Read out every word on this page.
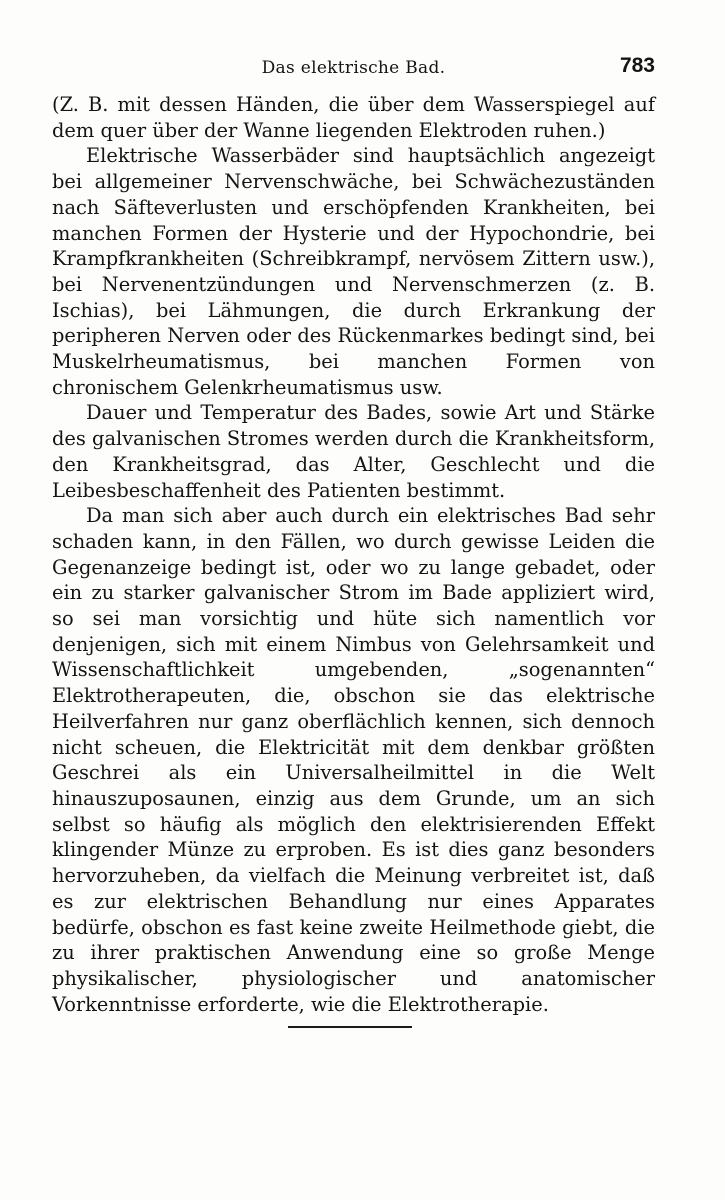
Das elektrische Bad.	783

(Z. B. mit dessen Händen, die über dem Wasserspiegel auf dem quer über der Wanne liegenden Elektroden ruhen.)

Elektrische Wasserbäder sind hauptsächlich angezeigt bei allgemeiner Nervenschwäche, bei Schwächezuständen nach Säfteverlusten und erschöpfenden Krankheiten, bei manchen Formen der Hysterie und der Hypochondrie, bei Krampfkrankheiten (Schreibkrampf, nervösem Zittern usw.), bei Nervenentzündungen und Nervenschmerzen (z. B. Ischias), bei Lähmungen, die durch Erkrankung der peripheren Nerven oder des Rückenmarkes bedingt sind, bei Muskelrheumatismus, bei manchen Formen von chronischem Gelenkrheumatismus usw.

Dauer und Temperatur des Bades, sowie Art und Stärke des galvanischen Stromes werden durch die Krankheitsform, den Krankheitsgrad, das Alter, Geschlecht und die Leibesbeschaffenheit des Patienten bestimmt.

Da man sich aber auch durch ein elektrisches Bad sehr schaden kann, in den Fällen, wo durch gewisse Leiden die Gegenanzeige bedingt ist, oder wo zu lange gebadet, oder ein zu starker galvanischer Strom im Bade appliziert wird, so sei man vorsichtig und hüte sich namentlich vor denjenigen, sich mit einem Nimbus von Gelehrsamkeit und Wissenschaftlichkeit umgebenden, „sogenannten“ Elektrotherapeuten, die, obschon sie das elektrische Heilverfahren nur ganz oberflächlich kennen, sich dennoch nicht scheuen, die Elektricität mit dem denkbar größten Geschrei als ein Universalheilmittel in die Welt hinauszuposaunen, einzig aus dem Grunde, um an sich selbst so häufig als möglich den elektrisierenden Effekt klingender Münze zu erproben. Es ist dies ganz besonders hervorzuheben, da vielfach die Meinung verbreitet ist, daß es zur elektrischen Behandlung nur eines Apparates bedürfe, obschon es fast keine zweite Heilmethode giebt, die zu ihrer praktischen Anwendung eine so große Menge physikalischer, physiologischer und anatomischer Vorkenntnisse erforderte, wie die Elektrotherapie.
